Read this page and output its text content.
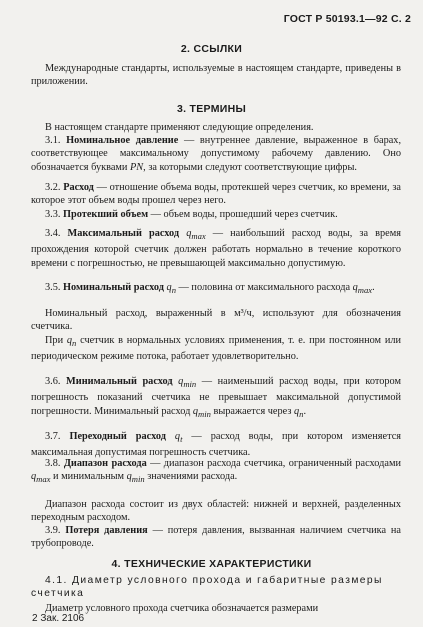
ГОСТ Р 50193.1—92 С. 2
2. ССЫЛКИ
Международные стандарты, используемые в настоящем стандарте, приведены в приложении.
3. ТЕРМИНЫ
В настоящем стандарте применяют следующие определения.
3.1. Номинальное давление — внутреннее давление, выраженное в барах, соответствующее максимальному допустимому рабочему давлению. Оно обозначается буквами PN, за которыми следуют соответствующие цифры.
3.2. Расход — отношение объема воды, протекшей через счетчик, ко времени, за которое этот объем воды прошел через него.
3.3. Протекший объем — объем воды, прошедший через счетчик.
3.4. Максимальный расход $q_{max}$ — наибольший расход воды, за время прохождения которой счетчик должен работать нормально в течение короткого времени с погрешностью, не превышающей максимально допустимую.
3.5. Номинальный расход $q_n$ — половина от максимального расхода $q_{max}$.
Номинальный расход, выраженный в м³/ч, используют для обозначения счетчика.
При $q_n$ счетчик в нормальных условиях применения, т. е. при постоянном или периодическом режиме потока, работает удовлетворительно.
3.6. Минимальный расход $q_{min}$ — наименьший расход воды, при котором погрешность показаний счетчика не превышает максимальной допустимой погрешности. Минимальный расход $q_{min}$ выражается через $q_n$.
3.7. Переходный расход $q_t$ — расход воды, при котором изменяется максимальная допустимая погрешность счетчика.
3.8. Диапазон расхода — диапазон расхода счетчика, ограниченный расходами $q_{max}$ и минимальным $q_{min}$ значениями расхода.
Диапазон расхода состоит из двух областей: нижней и верхней, разделенных переходным расходом.
3.9. Потеря давления — потеря давления, вызванная наличием счетчика на трубопроводе.
4. ТЕХНИЧЕСКИЕ ХАРАКТЕРИСТИКИ
4.1. Диаметр условного прохода и габаритные размеры счетчика
Диаметр условного прохода счетчика обозначается размерами
2 Зак. 2106
